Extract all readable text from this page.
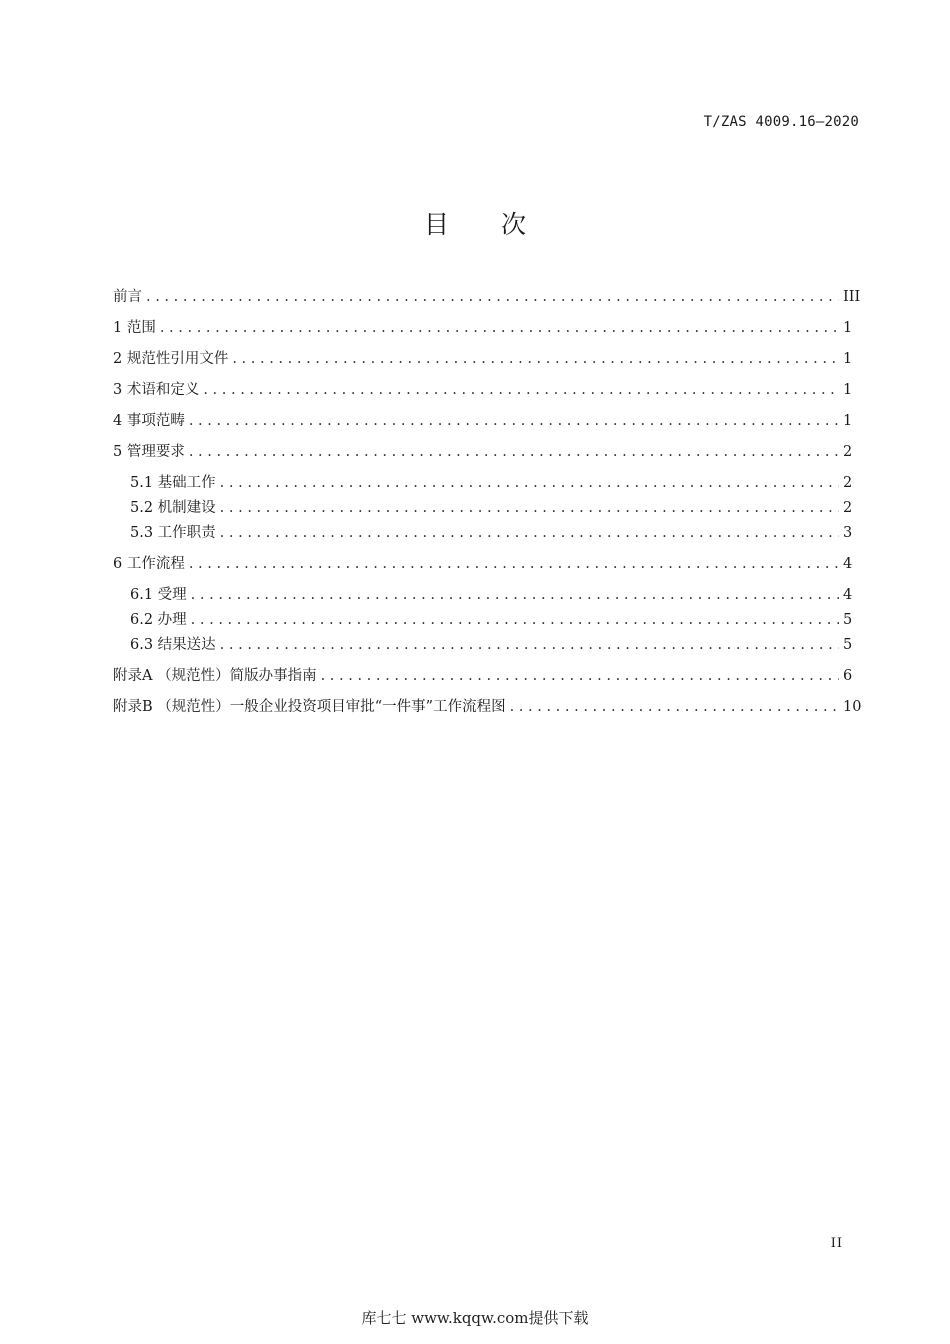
T/ZAS 4009.16—2020
目 次
前言 . . .	III
1 范围 . . .	1
2 规范性引用文件 . . .	1
3 术语和定义 . . .	1
4 事项范畴 . . .	1
5 管理要求 . . .	2
5.1 基础工作 . . .	2
5.2 机制建设 . . .	2
5.3 工作职责 . . .	3
6 工作流程 . . .	4
6.1 受理 . . .	4
6.2 办理 . . .	5
6.3 结果送达 . . .	5
附录A （规范性）简版办事指南 . . .	6
附录B （规范性）一般企业投资项目审批“一件事”工作流程图 . . .	10
II
库七七 www.kqqw.com提供下载
